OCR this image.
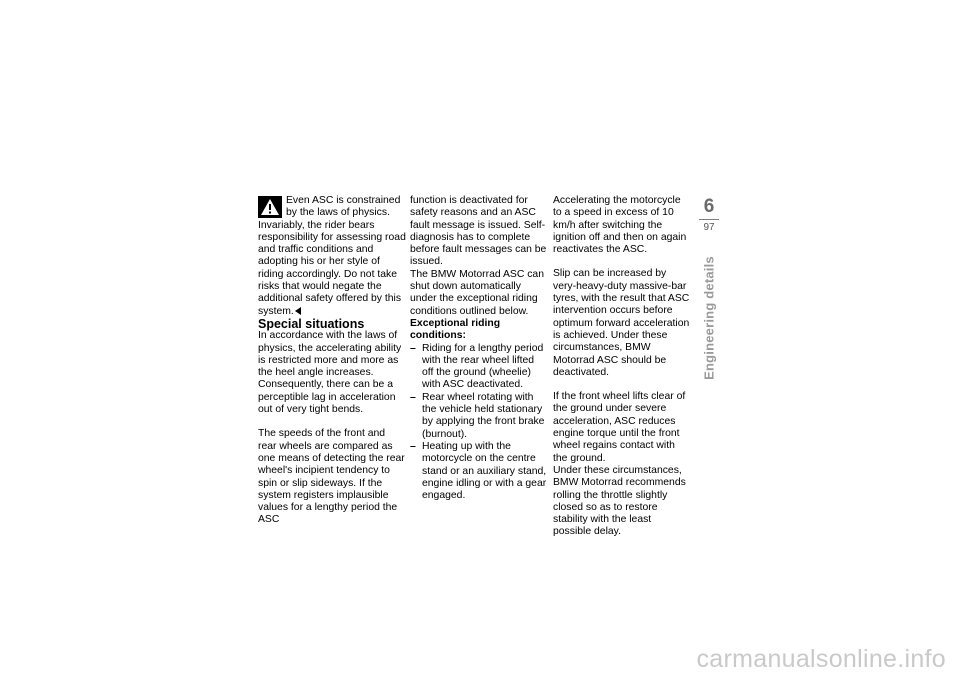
Even ASC is constrained by the laws of physics. Invariably, the rider bears responsibility for assessing road and traffic conditions and adopting his or her style of riding accordingly. Do not take risks that would negate the additional safety offered by this system.

Special situations

In accordance with the laws of physics, the accelerating ability is restricted more and more as the heel angle increases. Consequently, there can be a perceptible lag in acceleration out of very tight bends.

The speeds of the front and rear wheels are compared as one means of detecting the rear wheel's incipient tendency to spin or slip sideways. If the system registers implausible values for a lengthy period the ASC

function is deactivated for safety reasons and an ASC fault message is issued. Self-diagnosis has to complete before fault messages can be issued.

The BMW Motorrad ASC can shut down automatically under the exceptional riding conditions outlined below.

Exceptional riding conditions:

– Riding for a lengthy period with the rear wheel lifted off the ground (wheelie) with ASC deactivated.
– Rear wheel rotating with the vehicle held stationary by applying the front brake (burnout).
– Heating up with the motorcycle on the centre stand or an auxiliary stand, engine idling or with a gear engaged.

Accelerating the motorcycle to a speed in excess of 10 km/h after switching the ignition off and then on again reactivates the ASC.

Slip can be increased by very-heavy-duty massive-bar tyres, with the result that ASC intervention occurs before optimum forward acceleration is achieved. Under these circumstances, BMW Motorrad ASC should be deactivated.

If the front wheel lifts clear of the ground under severe acceleration, ASC reduces engine torque until the front wheel regains contact with the ground.

Under these circumstances, BMW Motorrad recommends rolling the throttle slightly closed so as to restore stability with the least possible delay.

6
97
Engineering details
carmanualsonline.info
